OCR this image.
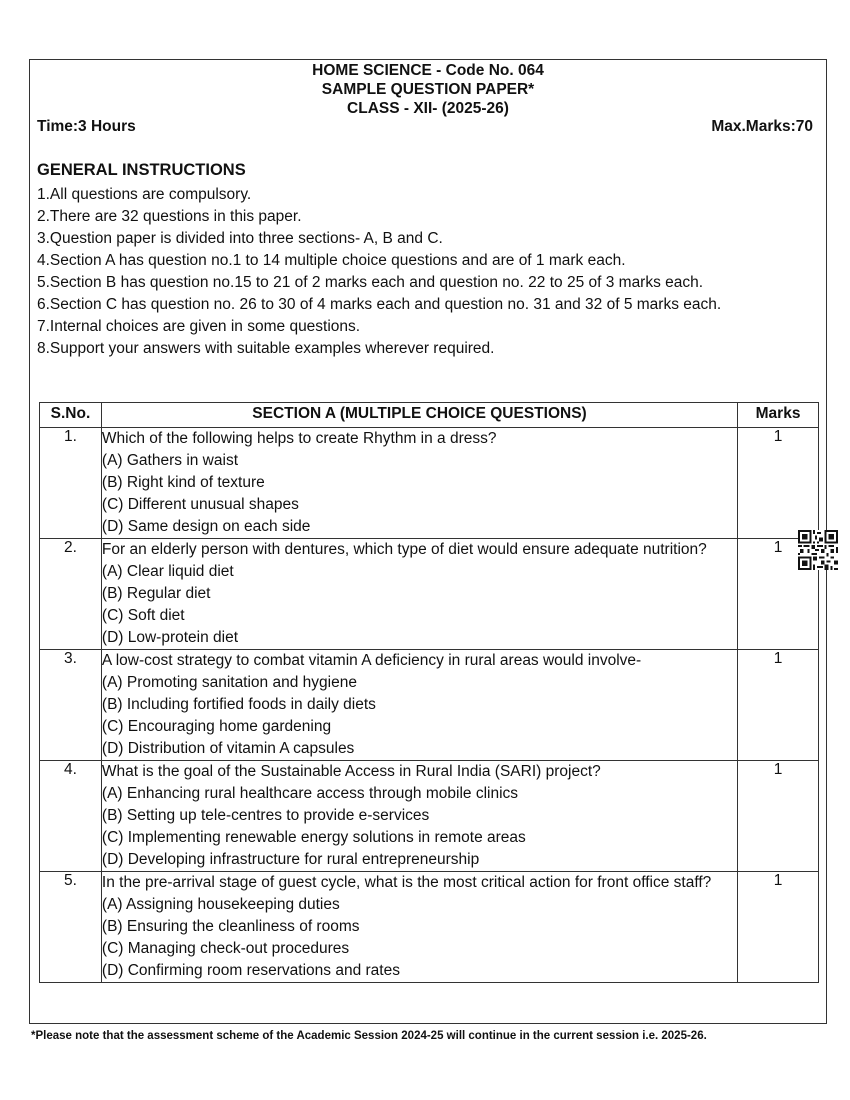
HOME SCIENCE - Code No. 064
SAMPLE QUESTION PAPER*
CLASS - XII- (2025-26)
Time:3 Hours	Max.Marks:70
GENERAL INSTRUCTIONS
1.All questions are compulsory.
2.There are 32 questions in this paper.
3.Question paper is divided into three sections- A, B and C.
4.Section A has question no.1 to 14 multiple choice questions and are of 1 mark each.
5.Section B has question no.15 to 21 of 2 marks each and question no. 22 to 25 of 3 marks each.
6.Section C has question no. 26 to 30 of 4 marks each and question no. 31 and 32 of 5 marks each.
7.Internal choices are given in some questions.
8.Support your answers with suitable examples wherever required.
S.No.	SECTION A (MULTIPLE CHOICE QUESTIONS)	Marks
1.	Which of the following helps to create Rhythm in a dress?
(A) Gathers in waist
(B) Right kind of texture
(C) Different unusual shapes
(D) Same design on each side	1
2.	For an elderly person with dentures, which type of diet would ensure adequate nutrition?
(A) Clear liquid diet
(B) Regular diet
(C) Soft diet
(D) Low-protein diet	1
3.	A low-cost strategy to combat vitamin A deficiency in rural areas would involve-
(A) Promoting sanitation and hygiene
(B) Including fortified foods in daily diets
(C) Encouraging home gardening
(D) Distribution of vitamin A capsules	1
4.	What is the goal of the Sustainable Access in Rural India (SARI) project?
(A) Enhancing rural healthcare access through mobile clinics
(B) Setting up tele-centres to provide e-services
(C) Implementing renewable energy solutions in remote areas
(D) Developing infrastructure for rural entrepreneurship	1
5.	In the pre-arrival stage of guest cycle, what is the most critical action for front office staff?
(A) Assigning housekeeping duties
(B) Ensuring the cleanliness of rooms
(C) Managing check-out procedures
(D) Confirming room reservations and rates	1
*Please note that the assessment scheme of the Academic Session 2024-25 will continue in the current session i.e. 2025-26.
